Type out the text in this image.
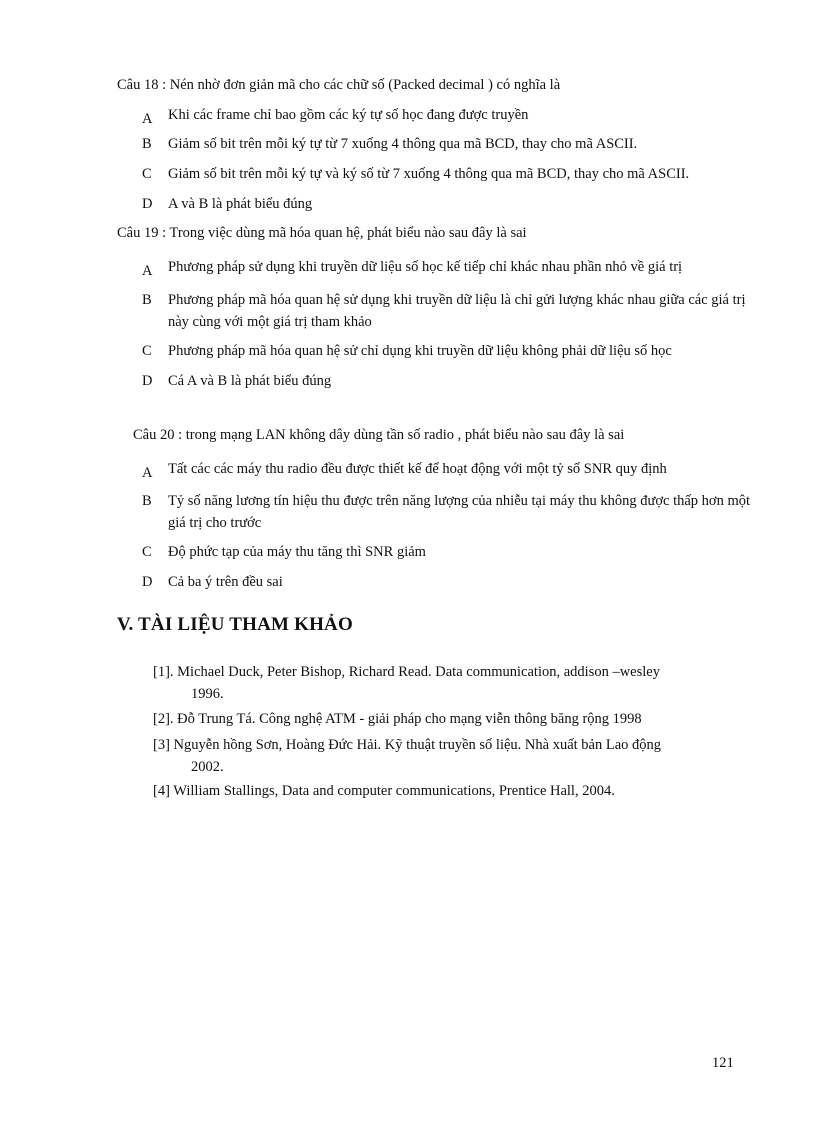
Câu 18 : Nén nhờ đơn giản mã cho các chữ số (Packed decimal ) có nghĩa là
A Khi các frame chỉ bao gồm các ký tự số học đang được truyền
B Giảm số bit trên mỗi ký tự từ 7 xuống 4 thông qua mã BCD, thay cho mã ASCII.
C Giảm số bit trên mỗi ký tự và ký số từ 7 xuống 4 thông qua mã BCD, thay cho mã ASCII.
D A và B là phát biểu đúng
Câu 19 : Trong việc dùng mã hóa quan hệ, phát biểu nào sau đây là sai
A Phương pháp sử dụng khi truyền dữ liệu số học kế tiếp chỉ khác nhau phần nhỏ về giá trị
B Phương pháp mã hóa quan hệ sử dụng khi truyền dữ liệu là chỉ gửi lượng khác nhau giữa các giá trị này cùng với một giá trị tham khảo
C Phương pháp mã hóa quan hệ sử chỉ dụng khi truyền dữ liệu không phải dữ liệu số học
D Cá A và B là phát biểu đúng
Câu 20 : trong mạng LAN không dây dùng tần số radio , phát biểu nào sau đây là sai
A Tất các các máy thu radio đều được thiết kế để hoạt động với một tỷ số SNR quy định
B Tỷ số năng lương tín hiệu thu được trên năng lượng của nhiễu tại máy thu không được thấp hơn một giá trị cho trước
C Độ phức tạp của máy thu tăng thì SNR giảm
D Cả ba ý trên đều sai
V. TÀI LIỆU THAM KHẢO
[1]. Michael Duck, Peter Bishop, Richard Read. Data communication, addison –wesley
1996.
[2]. Đỗ Trung Tá. Công nghệ ATM - giải pháp cho mạng viễn thông băng rộng 1998
[3] Nguyễn hồng Sơn, Hoàng Đức Hải. Kỹ thuật truyền số liệu. Nhà xuất bản Lao động
2002.
[4] William Stallings, Data and computer communications, Prentice Hall, 2004.
121
